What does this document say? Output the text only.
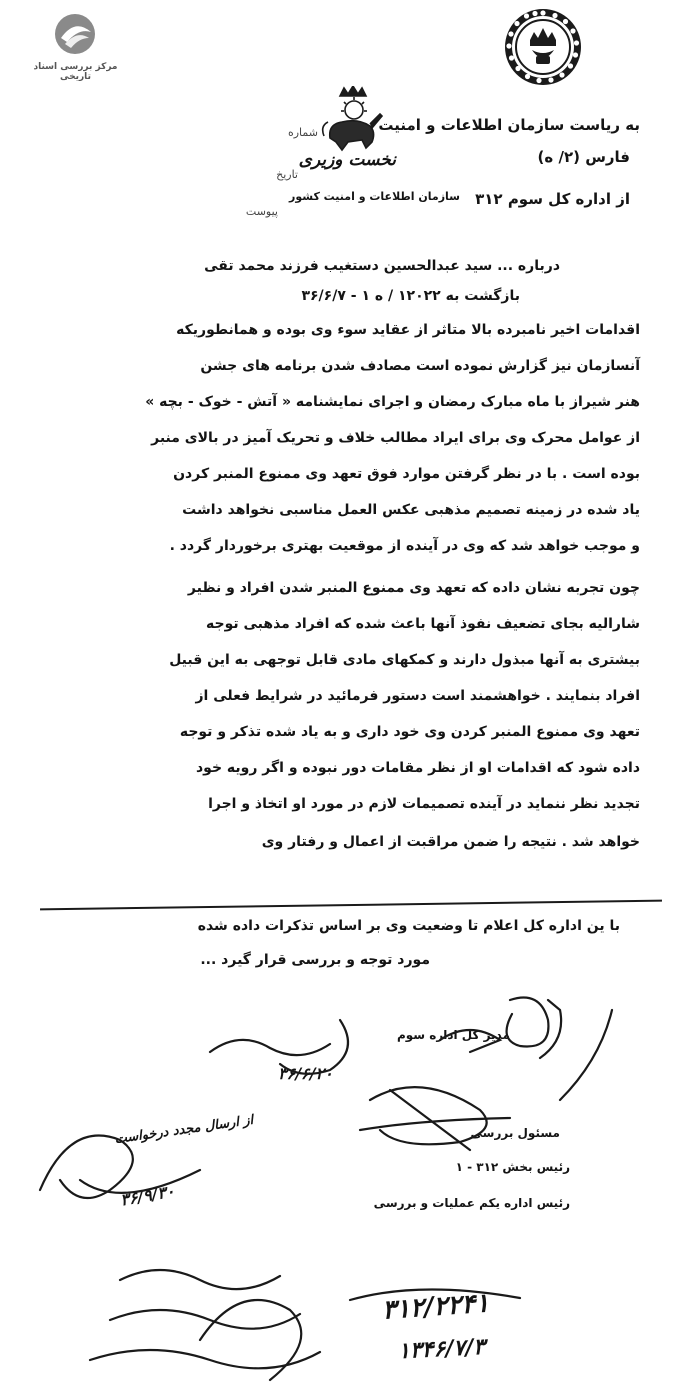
مرکز بررسی اسناد تاریخی
به ریاست سازمان اطلاعات و امنیت
فارس (۲/ ه)
از اداره کل سوم ۳۱۲
شماره
تاریخ
پیوست
نخست وزیری
سازمان اطلاعات و امنیت کشور
درباره ... سید عبدالحسین دستغیب فرزند محمد تقی
بازگشت به ۱۲۰۲۲ / ه ۱ - ۳۶/۶/۷
اقدامات اخیر نامبرده بالا متاثر از عقاید سوء وی بوده و همانطوریکه
آنسازمان نیز گزارش نموده است مصادف شدن برنامه های جشن
هنر شیراز با ماه مبارک رمضان و اجرای نمایشنامه « آتش - خوک - بچه »
از عوامل محرک وی برای ایراد مطالب خلاف و تحریک آمیز در بالای منبر
بوده است . با در نظر گرفتن موارد فوق تعهد وی ممنوع المنبر کردن
یاد شده در زمینه تصمیم مذهبی عکس العمل مناسبی نخواهد داشت
و موجب خواهد شد که وی در آینده از موقعیت بهتری برخوردار گردد .
چون تجربه نشان داده که تعهد وی ممنوع المنبر شدن افراد و نظیر
شارالیه بجای تضعیف نفوذ آنها باعث شده که افراد مذهبی توجه
بیشتری به آنها مبذول دارند و کمکهای مادی قابل توجهی به این قبیل
افراد بنمایند . خواهشمند است دستور فرمائید در شرایط فعلی از
تعهد وی ممنوع المنبر کردن وی خود داری و به یاد شده تذکر و توجه
داده شود که اقدامات او از نظر مقامات دور نبوده و اگر رویه خود
تجدید نظر ننماید در آینده تصمیمات لازم در مورد او اتخاذ و اجرا
خواهد شد . نتیجه را ضمن مراقبت از اعمال و رفتار وی
با ین اداره کل اعلام تا وضعیت وی بر اساس تذکرات داده شده
مورد توجه و بررسی قرار گیرد ...
مدیر کل اداره سوم
مسئول بررسی
رئیس بخش ۳۱۲ - ۱
رئیس اداره یکم عملیات و بررسی
۳۶/۶/۲۰
از ارسال مجدد درخواست
۳۶/۹/۳۰
۳۱۲/۲۲۴۱
۱۳۴۶/۷/۳
